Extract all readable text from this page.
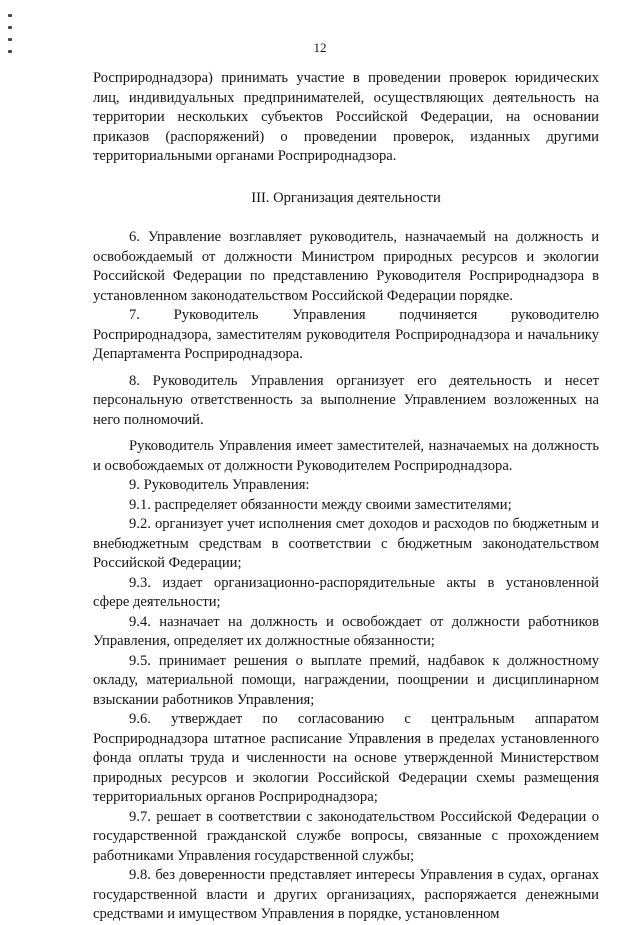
12

Росприроднадзора) принимать участие в проведении проверок юридических лиц, индивидуальных предпринимателей, осуществляющих деятельность на территории нескольких субъектов Российской Федерации, на основании приказов (распоряжений) о проведении проверок, изданных другими территориальными органами Росприроднадзора.

III. Организация деятельности

6. Управление возглавляет руководитель, назначаемый на должность и освобождаемый от должности Министром природных ресурсов и экологии Российской Федерации по представлению Руководителя Росприроднадзора в установленном законодательством Российской Федерации порядке.

7. Руководитель Управления подчиняется руководителю Росприроднадзора, заместителям руководителя Росприроднадзора и начальнику Департамента Росприроднадзора.

8. Руководитель Управления организует его деятельность и несет персональную ответственность за выполнение Управлением возложенных на него полномочий.

Руководитель Управления имеет заместителей, назначаемых на должность и освобождаемых от должности Руководителем Росприроднадзора.

9. Руководитель Управления:

9.1. распределяет обязанности между своими заместителями;

9.2. организует учет исполнения смет доходов и расходов по бюджетным и внебюджетным средствам в соответствии с бюджетным законодательством Российской Федерации;

9.3. издает организационно-распорядительные акты в установленной сфере деятельности;

9.4. назначает на должность и освобождает от должности работников Управления, определяет их должностные обязанности;

9.5. принимает решения о выплате премий, надбавок к должностному окладу, материальной помощи, награждении, поощрении и дисциплинарном взыскании работников Управления;

9.6. утверждает по согласованию с центральным аппаратом Росприроднадзора штатное расписание Управления в пределах установленного фонда оплаты труда и численности на основе утвержденной Министерством природных ресурсов и экологии Российской Федерации схемы размещения территориальных органов Росприроднадзора;

9.7. решает в соответствии с законодательством Российской Федерации о государственной гражданской службе вопросы, связанные с прохождением работниками Управления государственной службы;

9.8. без доверенности представляет интересы Управления в судах, органах государственной власти и других организациях, распоряжается денежными средствами и имуществом Управления в порядке, установленном
